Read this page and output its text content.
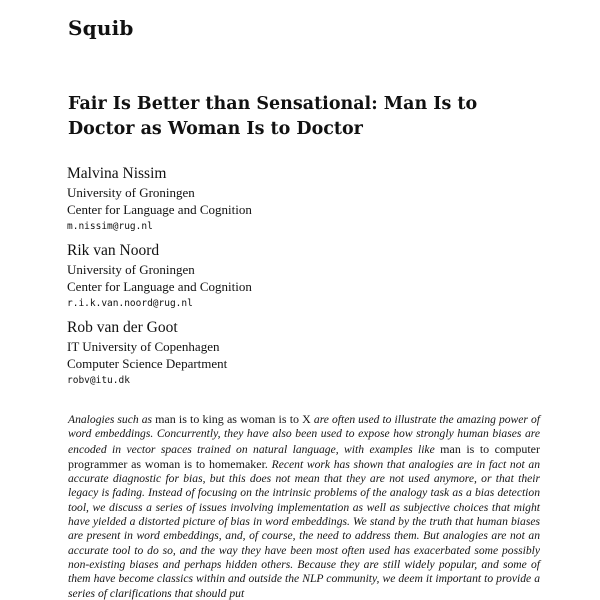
Squib
Fair Is Better than Sensational: Man Is to
Doctor as Woman Is to Doctor
Malvina Nissim
University of Groningen
Center for Language and Cognition
m.nissim@rug.nl
Rik van Noord
University of Groningen
Center for Language and Cognition
r.i.k.van.noord@rug.nl
Rob van der Goot
IT University of Copenhagen
Computer Science Department
robv@itu.dk
Analogies such as man is to king as woman is to X are often used to illustrate the amazing power of word embeddings. Concurrently, they have also been used to expose how strongly human biases are encoded in vector spaces trained on natural language, with examples like man is to computer programmer as woman is to homemaker. Recent work has shown that analogies are in fact not an accurate diagnostic for bias, but this does not mean that they are not used anymore, or that their legacy is fading. Instead of focusing on the intrinsic problems of the analogy task as a bias detection tool, we discuss a series of issues involving implementation as well as subjective choices that might have yielded a distorted picture of bias in word embeddings. We stand by the truth that human biases are present in word embeddings, and, of course, the need to address them. But analogies are not an accurate tool to do so, and the way they have been most often used has exacerbated some possibly non-existing biases and perhaps hidden others. Because they are still widely popular, and some of them have become classics within and outside the NLP community, we deem it important to provide a series of clarifications that should put
